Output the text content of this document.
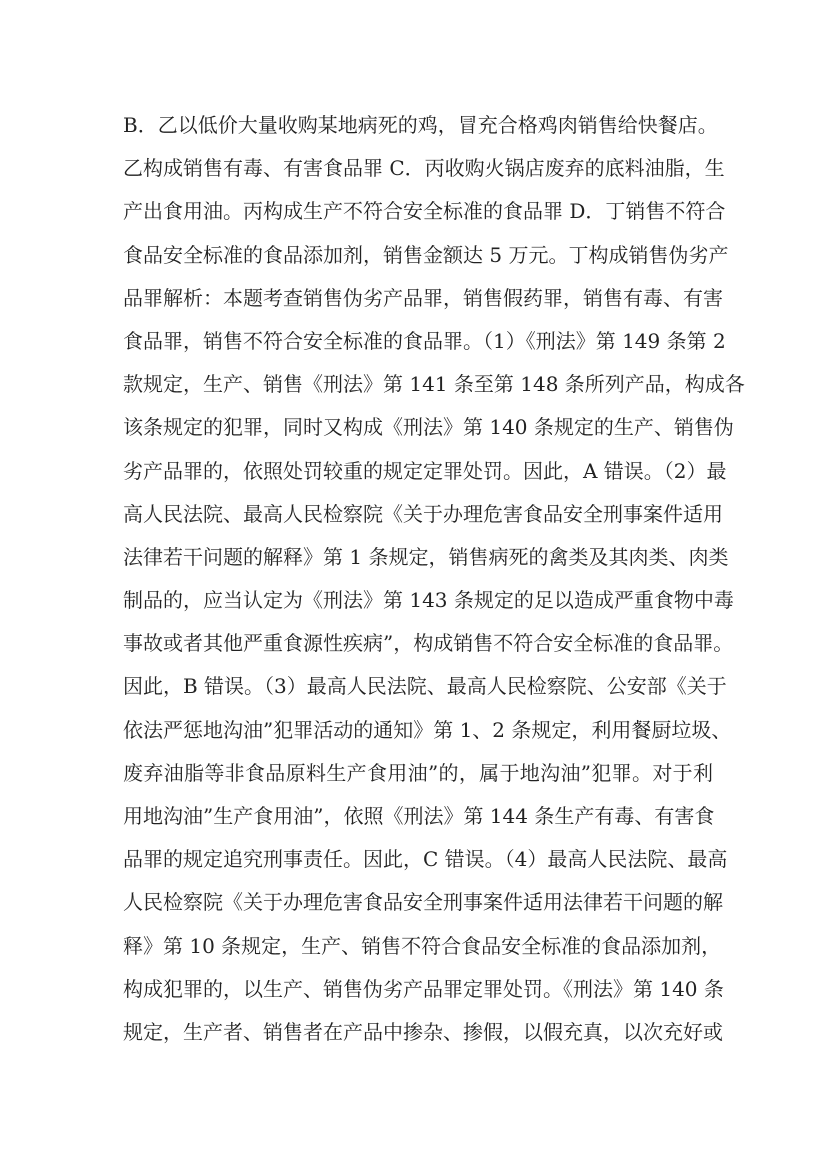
B．乙以低价大量收购某地病死的鸡，冒充合格鸡肉销售给快餐店。
乙构成销售有毒、有害食品罪 C．丙收购火锅店废弃的底料油脂，生
产出食用油。丙构成生产不符合安全标准的食品罪 D．丁销售不符合
食品安全标准的食品添加剂，销售金额达 5 万元。丁构成销售伪劣产
品罪解析：本题考查销售伪劣产品罪，销售假药罪，销售有毒、有害
食品罪，销售不符合安全标准的食品罪。（1）《刑法》第 149 条第 2
款规定，生产、销售《刑法》第 141 条至第 148 条所列产品，构成各
该条规定的犯罪，同时又构成《刑法》第 140 条规定的生产、销售伪
劣产品罪的，依照处罚较重的规定定罪处罚。因此，A 错误。（2）最
高人民法院、最高人民检察院《关于办理危害食品安全刑事案件适用
法律若干问题的解释》第 1 条规定，销售病死的禽类及其肉类、肉类
制品的，应当认定为《刑法》第 143 条规定的足以造成严重食物中毒
事故或者其他严重食源性疾病”，构成销售不符合安全标准的食品罪。
因此，B 错误。（3）最高人民法院、最高人民检察院、公安部《关于
依法严惩地沟油”犯罪活动的通知》第 1、2 条规定，利用餐厨垃圾、
废弃油脂等非食品原料生产食用油”的，属于地沟油”犯罪。对于利
用地沟油”生产食用油”，依照《刑法》第 144 条生产有毒、有害食
品罪的规定追究刑事责任。因此，C 错误。（4）最高人民法院、最高
人民检察院《关于办理危害食品安全刑事案件适用法律若干问题的解
释》第 10 条规定，生产、销售不符合食品安全标准的食品添加剂，
构成犯罪的，以生产、销售伪劣产品罪定罪处罚。《刑法》第 140 条
规定，生产者、销售者在产品中掺杂、掺假，以假充真，以次充好或
